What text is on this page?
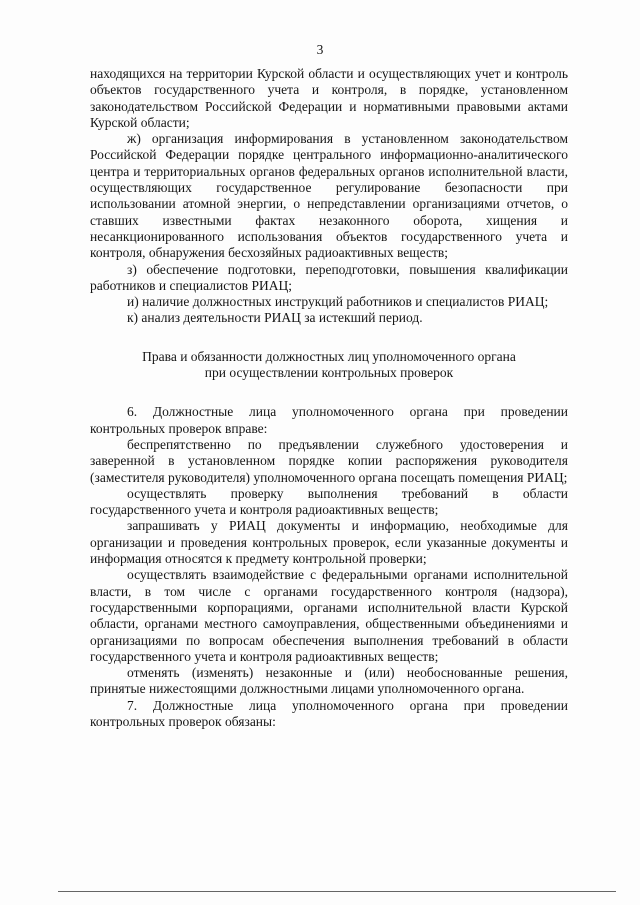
3

находящихся на территории Курской области и осуществляющих учет и контроль объектов государственного учета и контроля, в порядке, установленном законодательством Российской Федерации и нормативными правовыми актами Курской области;

ж) организация информирования в установленном законодательством Российской Федерации порядке центрального информационно-аналитического центра и территориальных органов федеральных органов исполнительной власти, осуществляющих государственное регулирование безопасности при использовании атомной энергии, о непредставлении организациями отчетов, о ставших известными фактах незаконного оборота, хищения и несанкционированного использования объектов государственного учета и контроля, обнаружения бесхозяйных радиоактивных веществ;

з) обеспечение подготовки, переподготовки, повышения квалификации работников и специалистов РИАЦ;

и) наличие должностных инструкций работников и специалистов РИАЦ;

к) анализ деятельности РИАЦ за истекший период.

Права и обязанности должностных лиц уполномоченного органа
при осуществлении контрольных проверок

6. Должностные лица уполномоченного органа при проведении контрольных проверок вправе:

беспрепятственно по предъявлении служебного удостоверения и заверенной в установленном порядке копии распоряжения руководителя (заместителя руководителя) уполномоченного органа посещать помещения РИАЦ;

осуществлять проверку выполнения требований в области государственного учета и контроля радиоактивных веществ;

запрашивать у РИАЦ документы и информацию, необходимые для организации и проведения контрольных проверок, если указанные документы и информация относятся к предмету контрольной проверки;

осуществлять взаимодействие с федеральными органами исполнительной власти, в том числе с органами государственного контроля (надзора), государственными корпорациями, органами исполнительной власти Курской области, органами местного самоуправления, общественными объединениями и организациями по вопросам обеспечения выполнения требований в области государственного учета и контроля радиоактивных веществ;

отменять (изменять) незаконные и (или) необоснованные решения, принятые нижестоящими должностными лицами уполномоченного органа.

7. Должностные лица уполномоченного органа при проведении контрольных проверок обязаны:
